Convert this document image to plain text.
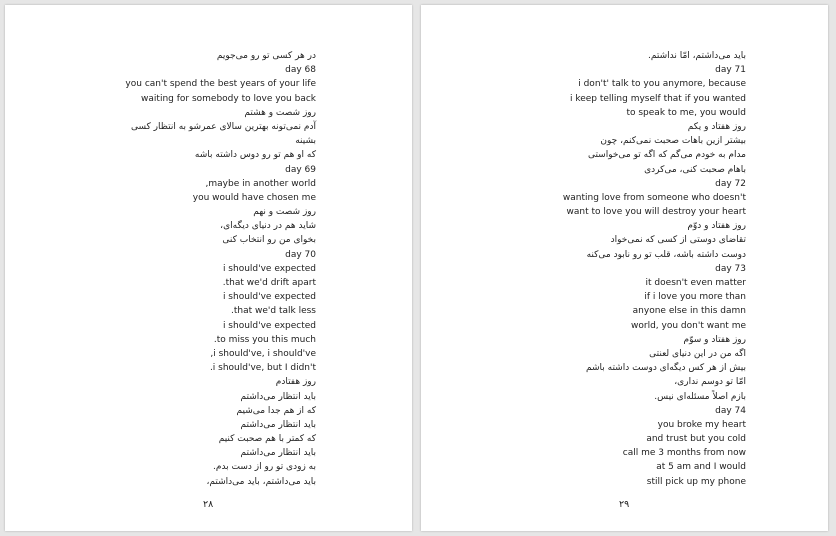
در هر کسی تو رو می‌جویم
day 68
you can't spend the best years of your life
waiting for somebody to love you back
روز شصت و هشتم
آدم نمی‌تونه بهترین سالای عمرشو به انتظار کسی
بشینه
که او هم تو رو دوس داشته باشه
day 69
,maybe in another world
you would have chosen me
روز شصت و نهم
شاید هم در دنیای دیگه‌ای،
بخوای من رو انتخاب کنی
day 70
i should've expected
.that we'd drift apart
i should've expected
.that we'd talk less
i should've expected
.to miss you this much
,i should've, i should've
.i should've, but I didn't
روز هفتادم
باید انتظار می‌داشتم
که از هم جدا می‌شیم
باید انتظار می‌داشتم
که کمتر با هم صحبت کنیم
باید انتظار می‌داشتم
به زودی تو رو از دست بدم.
باید می‌داشتم، باید می‌داشتم،
۲۸
باید می‌داشتم، امّا نداشتم.
day 71
i don't' talk to you anymore, because
i keep telling myself that if you wanted
to speak to me, you would
روز هفتاد و یکم
بیشتر ازین باهات صحبت نمی‌کنم، چون
مدام به خودم می‌گم که اگه تو می‌خواستی
باهام صحبت کنی، می‌کردی
day 72
wanting love from someone who doesn't
want to love you will destroy your heart
روز هفتاد و دوّم
تقاضای دوستی از کسی که نمی‌خواد
دوست داشته باشه، قلب تو رو نابود می‌کنه
day 73
it doesn't even matter
if i love you more than
anyone else in this damn
world, you don't want me
روز هفتاد و سوّم
اگه من در این دنیای لعنتی
بیش از هر کس دیگه‌ای دوست داشته باشم
امّا تو دوسم نداری،
بازم اصلاً مسئله‌ای نیس.
day 74
you broke my heart
and trust but you cold
call me 3 months from now
at 5 am and I would
still pick up my phone
۲۹
